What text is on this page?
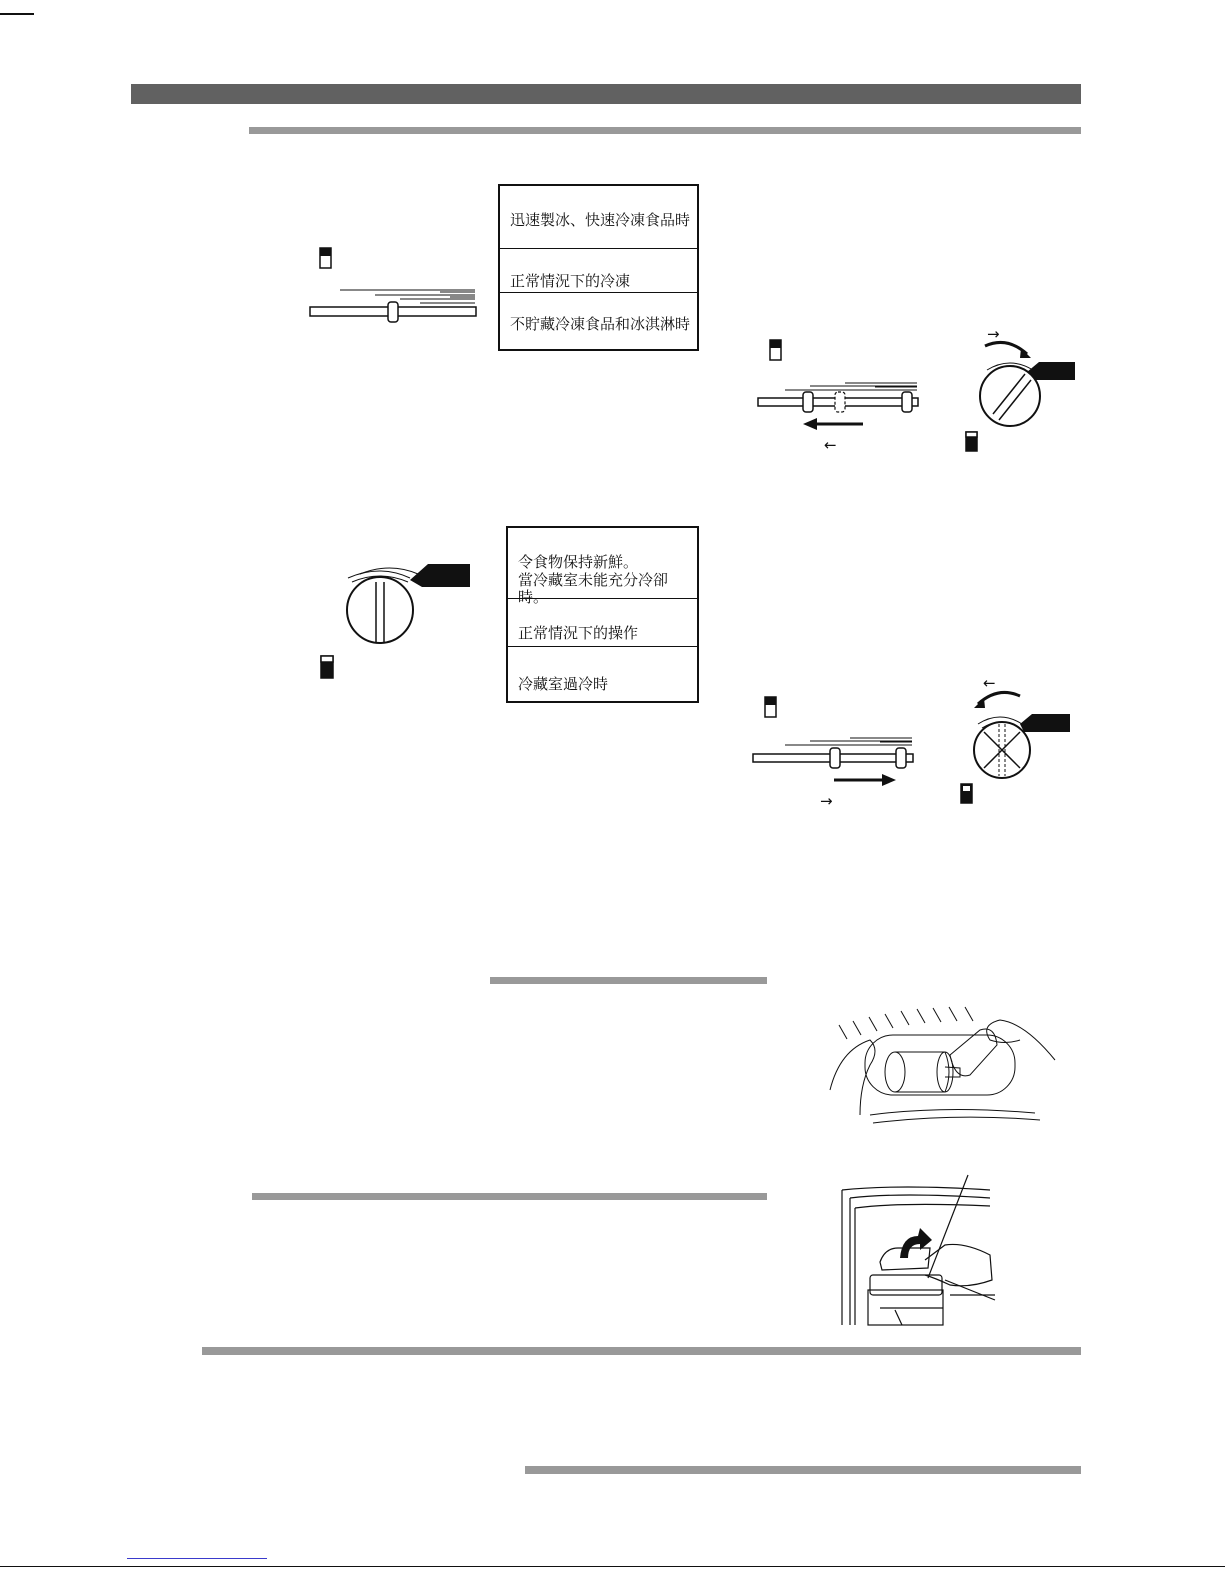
迅速製冰、快速冷凍食品時
正常情況下的冷凍
不貯藏冷凍食品和冰淇淋時
令食物保持新鮮。
當冷藏室未能充分冷卻時。
正常情況下的操作
冷藏室過冷時
→
←
←
→
